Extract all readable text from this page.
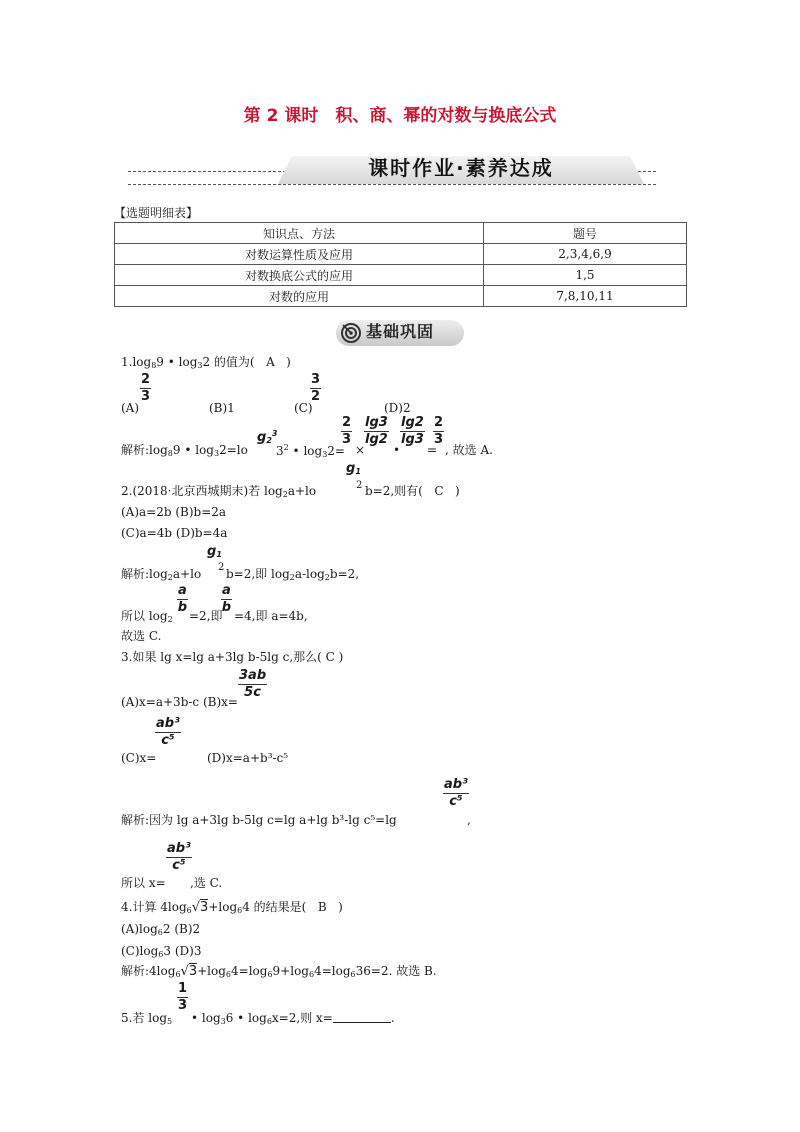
第 2 课时　积、商、幂的对数与换底公式
课时作业·素养达成
【选题明细表】
知识点、方法	题号
对数运算性质及应用	2,3,4,6,9
对数换底公式的应用	1,5
对数的应用	7,8,10,11
基础巩固
$1.\log_89$ • $\log_32$ 的值为(   A   )
2
3
(A)	(B)1	(C)
3
2
(D)2
解析$:\log_89$ • $\log_32=lo$
$g_2^3$
$3^2$ • $\log_32=$
2
3
×
lg3
lg2
•
lg2
lg3
=
2
3
, 故选 A.
$g_1$
2
2.(2018·北京西城期末)若 $\log_2a+lo$	b=2,则有(   C   )
(A)a=2b (B)b=2a
(C)a=4b (D)b=4a
$g_1$
2
解析$:\log_2a+lo$ b=2,即 $\log_2a-\log_2b=2$,
所以 $\log_2$
a
b
=2,即
a
b
=4,即 a=4b,
故选 C.
3.如果 lg x=lg a+3lg b-5lg c,那么( C )
(A)x=a+3b-c (B)x=
3ab
5c
ab³
c⁵
(C)x=	(D)x=a+b³-c⁵
解析:因为 lg a+3lg b-5lg c=lg a+lg b³-lg c⁵=lg
ab³
c⁵
,
ab³
c⁵
所以 x= ,选 C.
4.计算 $4\log_6√3+\log_64$ 的结果是(   B   )
$(A)\log_62$ (B)2
$(C)\log_63$ (D)3
解析$:4\log_6√3+\log_64=\log_69+\log_64=\log_636=2$. 故选 B.
1
3
5.若 $\log_5$ • $\log_36$ • $\log_6x=2$,则 x=	.
